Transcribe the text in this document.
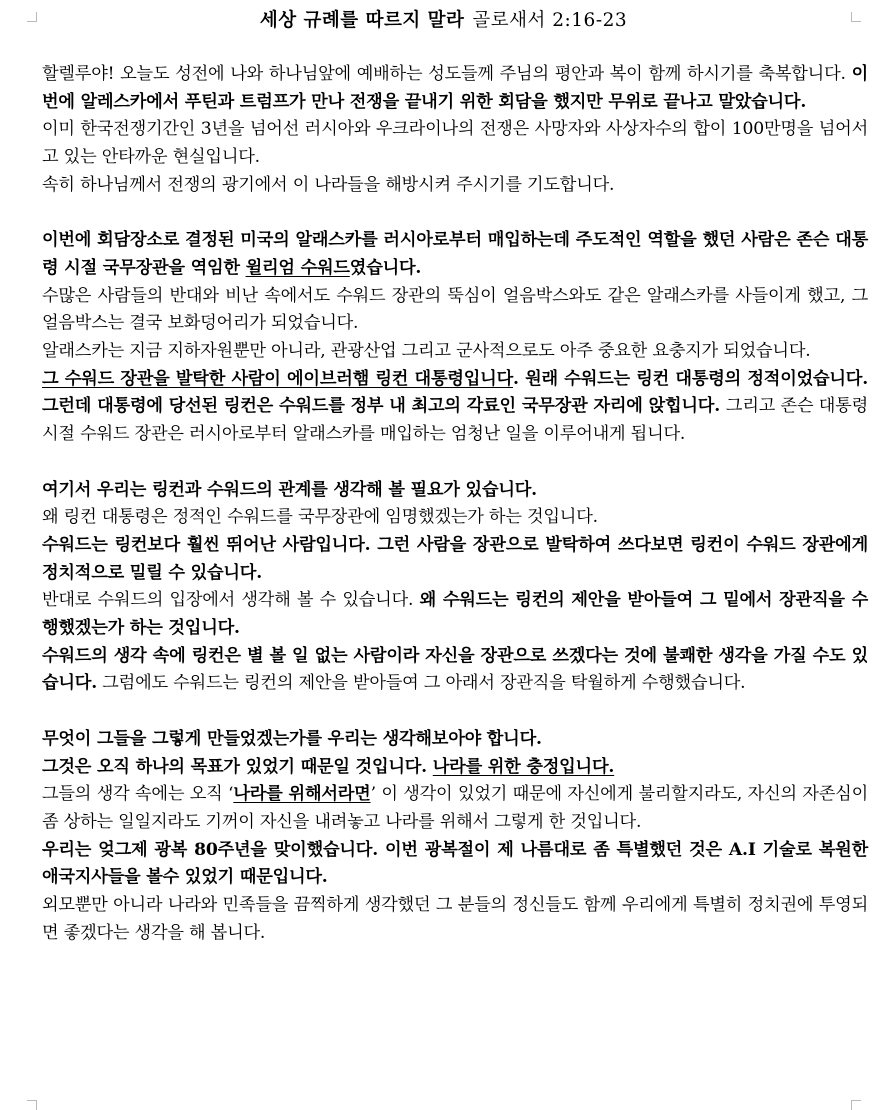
세상 규례를 따르지 말라 골로새서 2:16-23

할렐루야! 오늘도 성전에 나와 하나님앞에 예배하는 성도들께 주님의 평안과 복이 함께 하시기를 축복합니다. 이번에 알레스카에서 푸틴과 트럼프가 만나 전쟁을 끝내기 위한 회담을 했지만 무위로 끝나고 말았습니다.

이미 한국전쟁기간인 3년을 넘어선 러시아와 우크라이나의 전쟁은 사망자와 사상자수의 합이 100만명을 넘어서고 있는 안타까운 현실입니다.

속히 하나님께서 전쟁의 광기에서 이 나라들을 해방시켜 주시기를 기도합니다.

이번에 회담장소로 결정된 미국의 알래스카를 러시아로부터 매입하는데 주도적인 역할을 했던 사람은 존슨 대통령 시절 국무장관을 역임한 윌리엄 수워드였습니다.

수많은 사람들의 반대와 비난 속에서도 수워드 장관의 뚝심이 얼음박스와도 같은 알래스카를 사들이게 했고, 그 얼음박스는 결국 보화덩어리가 되었습니다.

알래스카는 지금 지하자원뿐만 아니라, 관광산업 그리고 군사적으로도 아주 중요한 요충지가 되었습니다.

그 수워드 장관을 발탁한 사람이 에이브러햄 링컨 대통령입니다. 원래 수워드는 링컨 대통령의 정적이었습니다. 그런데 대통령에 당선된 링컨은 수워드를 정부 내 최고의 각료인 국무장관 자리에 앉힙니다. 그리고 존슨 대통령시절 수워드 장관은 러시아로부터 알래스카를 매입하는 엄청난 일을 이루어내게 됩니다.

여기서 우리는 링컨과 수워드의 관계를 생각해 볼 필요가 있습니다.

왜 링컨 대통령은 정적인 수워드를 국무장관에 임명했겠는가 하는 것입니다.

수워드는 링컨보다 훨씬 뛰어난 사람입니다. 그런 사람을 장관으로 발탁하여 쓰다보면 링컨이 수워드 장관에게 정치적으로 밀릴 수 있습니다.

반대로 수워드의 입장에서 생각해 볼 수 있습니다. 왜 수워드는 링컨의 제안을 받아들여 그 밑에서 장관직을 수행했겠는가 하는 것입니다.

수워드의 생각 속에 링컨은 별 볼 일 없는 사람이라 자신을 장관으로 쓰겠다는 것에 불쾌한 생각을 가질 수도 있습니다. 그럼에도 수워드는 링컨의 제안을 받아들여 그 아래서 장관직을 탁월하게 수행했습니다.

무엇이 그들을 그렇게 만들었겠는가를 우리는 생각해보아야 합니다.

그것은 오직 하나의 목표가 있었기 때문일 것입니다. 나라를 위한 충정입니다.

그들의 생각 속에는 오직 ‘나라를 위해서라면’ 이 생각이 있었기 때문에 자신에게 불리할지라도, 자신의 자존심이 좀 상하는 일일지라도 기꺼이 자신을 내려놓고 나라를 위해서 그렇게 한 것입니다.

우리는 엊그제 광복 80주년을 맞이했습니다. 이번 광복절이 제 나름대로 좀 특별했던 것은 A.I 기술로 복원한 애국지사들을 볼수 있었기 때문입니다.

외모뿐만 아니라 나라와 민족들을 끔찍하게 생각했던 그 분들의 정신들도 함께 우리에게 특별히 정치권에 투영되면 좋겠다는 생각을 해 봅니다.
